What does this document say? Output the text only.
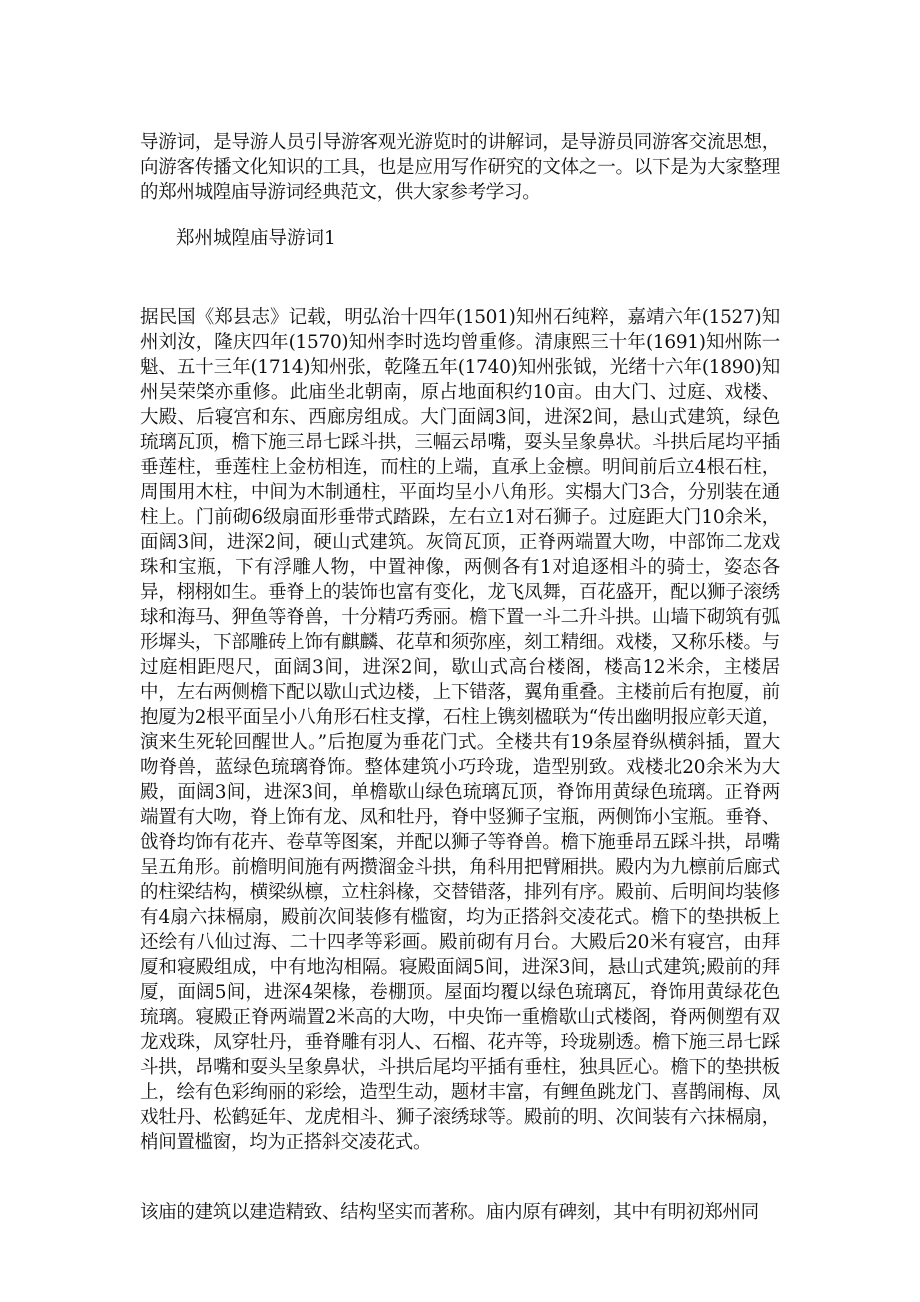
导游词，是导游人员引导游客观光游览时的讲解词，是导游员同游客交流思想，向游客传播文化知识的工具，也是应用写作研究的文体之一。以下是为大家整理的郑州城隍庙导游词经典范文，供大家参考学习。

郑州城隍庙导游词1

据民国《郑县志》记载，明弘治十四年(1501)知州石纯粹，嘉靖六年(1527)知州刘汝，隆庆四年(1570)知州李时选均曾重修。清康熙三十年(1691)知州陈一魁、五十三年(1714)知州张，乾隆五年(1740)知州张钺，光绪十六年(1890)知州吴荣棨亦重修。此庙坐北朝南，原占地面积约10亩。由大门、过庭、戏楼、大殿、后寝宫和东、西廊房组成。大门面阔3间，进深2间，悬山式建筑，绿色琉璃瓦顶，檐下施三昂七踩斗拱，三幅云昂嘴，耍头呈象鼻状。斗拱后尾均平插垂莲柱，垂莲柱上金枋相连，而柱的上端，直承上金檩。明间前后立4根石柱，周围用木柱，中间为木制通柱，平面均呈小八角形。实榻大门3合，分别装在通柱上。门前砌6级扇面形垂带式踏跺，左右立1对石狮子。过庭距大门10余米，面阔3间，进深2间，硬山式建筑。灰筒瓦顶，正脊两端置大吻，中部饰二龙戏珠和宝瓶，下有浮雕人物，中置神像，两侧各有1对追逐相斗的骑士，姿态各异，栩栩如生。垂脊上的装饰也富有变化，龙飞凤舞，百花盛开，配以狮子滚绣球和海马、狎鱼等脊兽，十分精巧秀丽。檐下置一斗二升斗拱。山墙下砌筑有弧形墀头，下部雕砖上饰有麒麟、花草和须弥座，刻工精细。戏楼，又称乐楼。与过庭相距咫尺，面阔3间，进深2间，歇山式高台楼阁，楼高12米余，主楼居中，左右两侧檐下配以歇山式边楼，上下错落，翼角重叠。主楼前后有抱厦，前抱厦为2根平面呈小八角形石柱支撑，石柱上镌刻楹联为“传出幽明报应彰天道，演来生死轮回醒世人。”后抱厦为垂花门式。全楼共有19条屋脊纵横斜插，置大吻脊兽，蓝绿色琉璃脊饰。整体建筑小巧玲珑，造型别致。戏楼北20余米为大殿，面阔3间，进深3间，单檐歇山绿色琉璃瓦顶，脊饰用黄绿色琉璃。正脊两端置有大吻，脊上饰有龙、凤和牡丹，脊中竖狮子宝瓶，两侧饰小宝瓶。垂脊、戗脊均饰有花卉、卷草等图案，并配以狮子等脊兽。檐下施垂昂五踩斗拱，昂嘴呈五角形。前檐明间施有两攒溜金斗拱，角科用把臂厢拱。殿内为九檩前后廊式的柱梁结构，横梁纵檩，立柱斜椽，交替错落，排列有序。殿前、后明间均装修有4扇六抹槅扇，殿前次间装修有槛窗，均为正搭斜交凌花式。檐下的垫拱板上还绘有八仙过海、二十四孝等彩画。殿前砌有月台。大殿后20米有寝宫，由拜厦和寝殿组成，中有地沟相隔。寝殿面阔5间，进深3间，悬山式建筑;殿前的拜厦，面阔5间，进深4架椽，卷棚顶。屋面均覆以绿色琉璃瓦，脊饰用黄绿花色琉璃。寝殿正脊两端置2米高的大吻，中央饰一重檐歇山式楼阁，脊两侧塑有双龙戏珠，凤穿牡丹，垂脊雕有羽人、石榴、花卉等，玲珑剔透。檐下施三昂七踩斗拱，昂嘴和耍头呈象鼻状，斗拱后尾均平插有垂柱，独具匠心。檐下的垫拱板上，绘有色彩绚丽的彩绘，造型生动，题材丰富，有鲤鱼跳龙门、喜鹊闹梅、凤戏牡丹、松鹤延年、龙虎相斗、狮子滚绣球等。殿前的明、次间装有六抹槅扇，梢间置槛窗，均为正搭斜交凌花式。

该庙的建筑以建造精致、结构坚实而著称。庙内原有碑刻，其中有明初郑州同
